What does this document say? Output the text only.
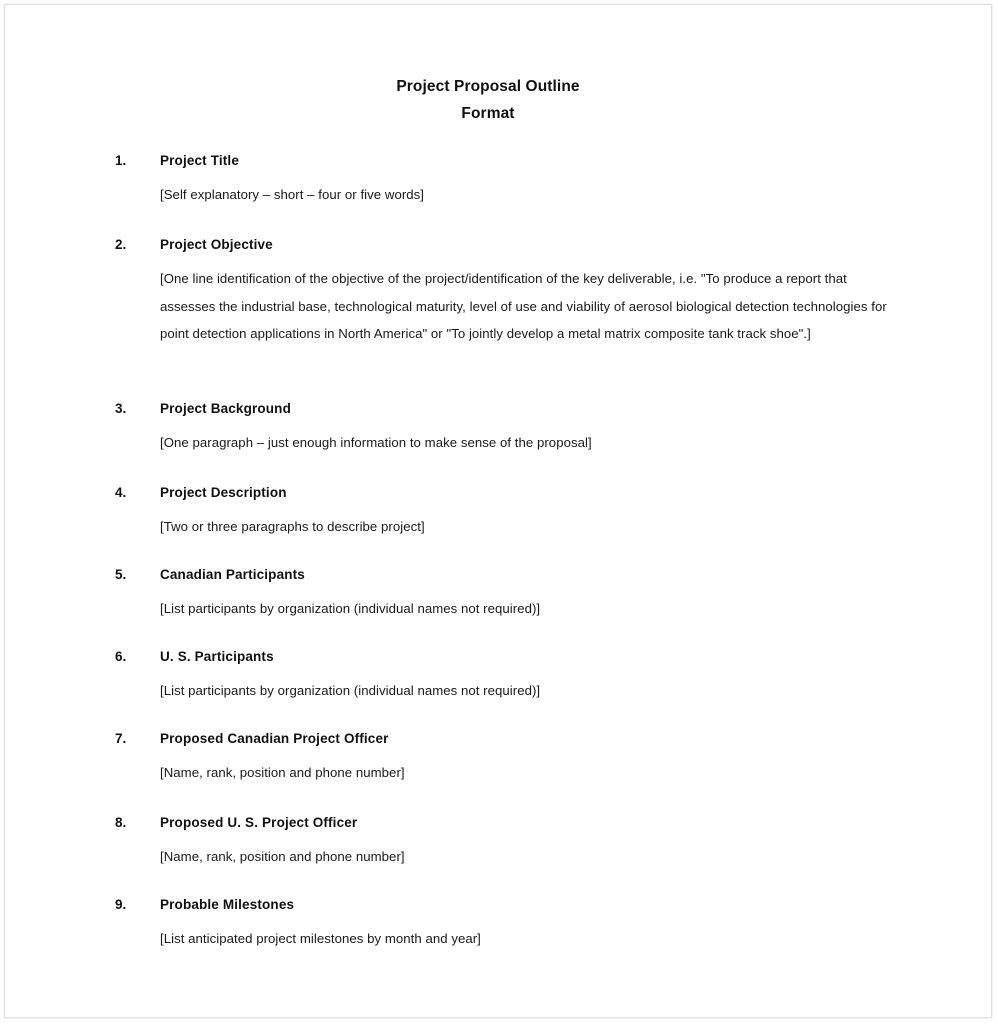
Project Proposal Outline
Format
1.	Project Title
[Self explanatory – short – four or five words]
2.	Project Objective
[One line identification of the objective of the project/identification of the key deliverable, i.e. "To produce a report that assesses the industrial base, technological maturity, level of use and viability of aerosol biological detection technologies for point detection applications in North America" or "To jointly develop a metal matrix composite tank track shoe".]
3.	Project Background
[One paragraph – just enough information to make sense of the proposal]
4.	Project Description
[Two or three paragraphs to describe project]
5.	Canadian Participants
[List participants by organization (individual names not required)]
6.	U. S. Participants
[List participants by organization (individual names not required)]
7.	Proposed Canadian Project Officer
[Name, rank, position and phone number]
8.	Proposed U. S. Project Officer
[Name, rank, position and phone number]
9.	Probable Milestones
[List anticipated project milestones by month and year]
